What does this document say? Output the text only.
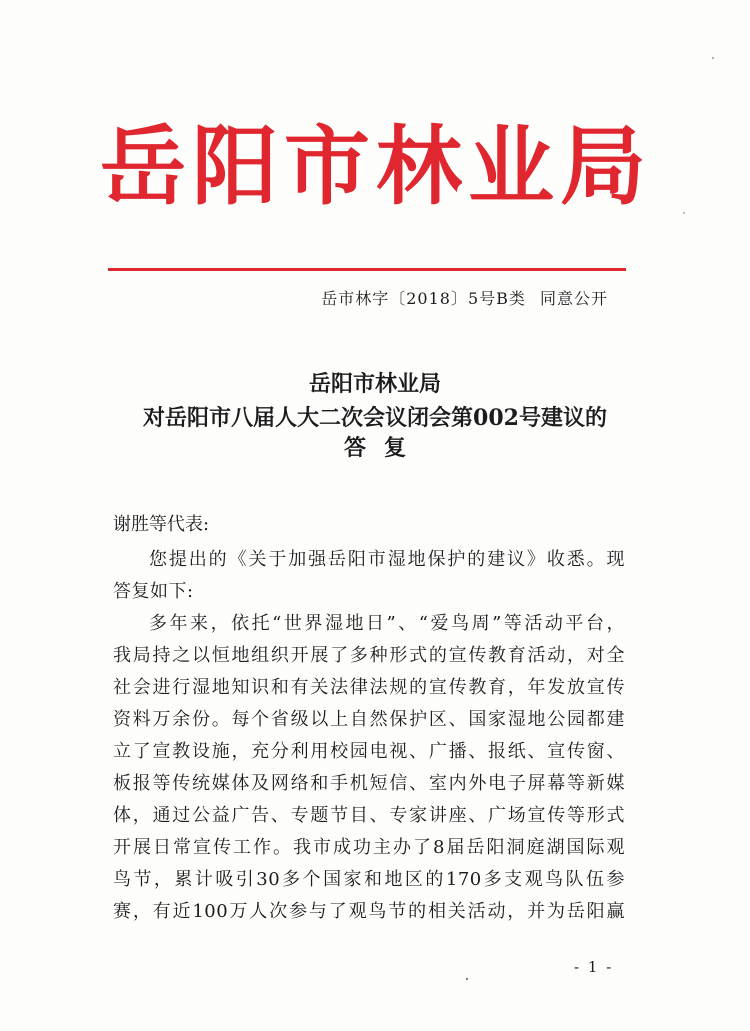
岳阳市林业局
岳市林字〔2018〕5号B类 同意公开
岳阳市林业局
对岳阳市八届人大二次会议闭会第002号建议的
答复
谢胜等代表:
您提出的《关于加强岳阳市湿地保护的建议》收悉。现
答复如下:
多年来，依托“世界湿地日”、“爱鸟周”等活动平台，
我局持之以恒地组织开展了多种形式的宣传教育活动，对全
社会进行湿地知识和有关法律法规的宣传教育，年发放宣传
资料万余份。每个省级以上自然保护区、国家湿地公园都建
立了宣教设施，充分利用校园电视、广播、报纸、宣传窗、
板报等传统媒体及网络和手机短信、室内外电子屏幕等新媒
体，通过公益广告、专题节目、专家讲座、广场宣传等形式
开展日常宣传工作。我市成功主办了8届岳阳洞庭湖国际观
鸟节，累计吸引30多个国家和地区的170多支观鸟队伍参
赛，有近100万人次参与了观鸟节的相关活动，并为岳阳赢
- 1 -
